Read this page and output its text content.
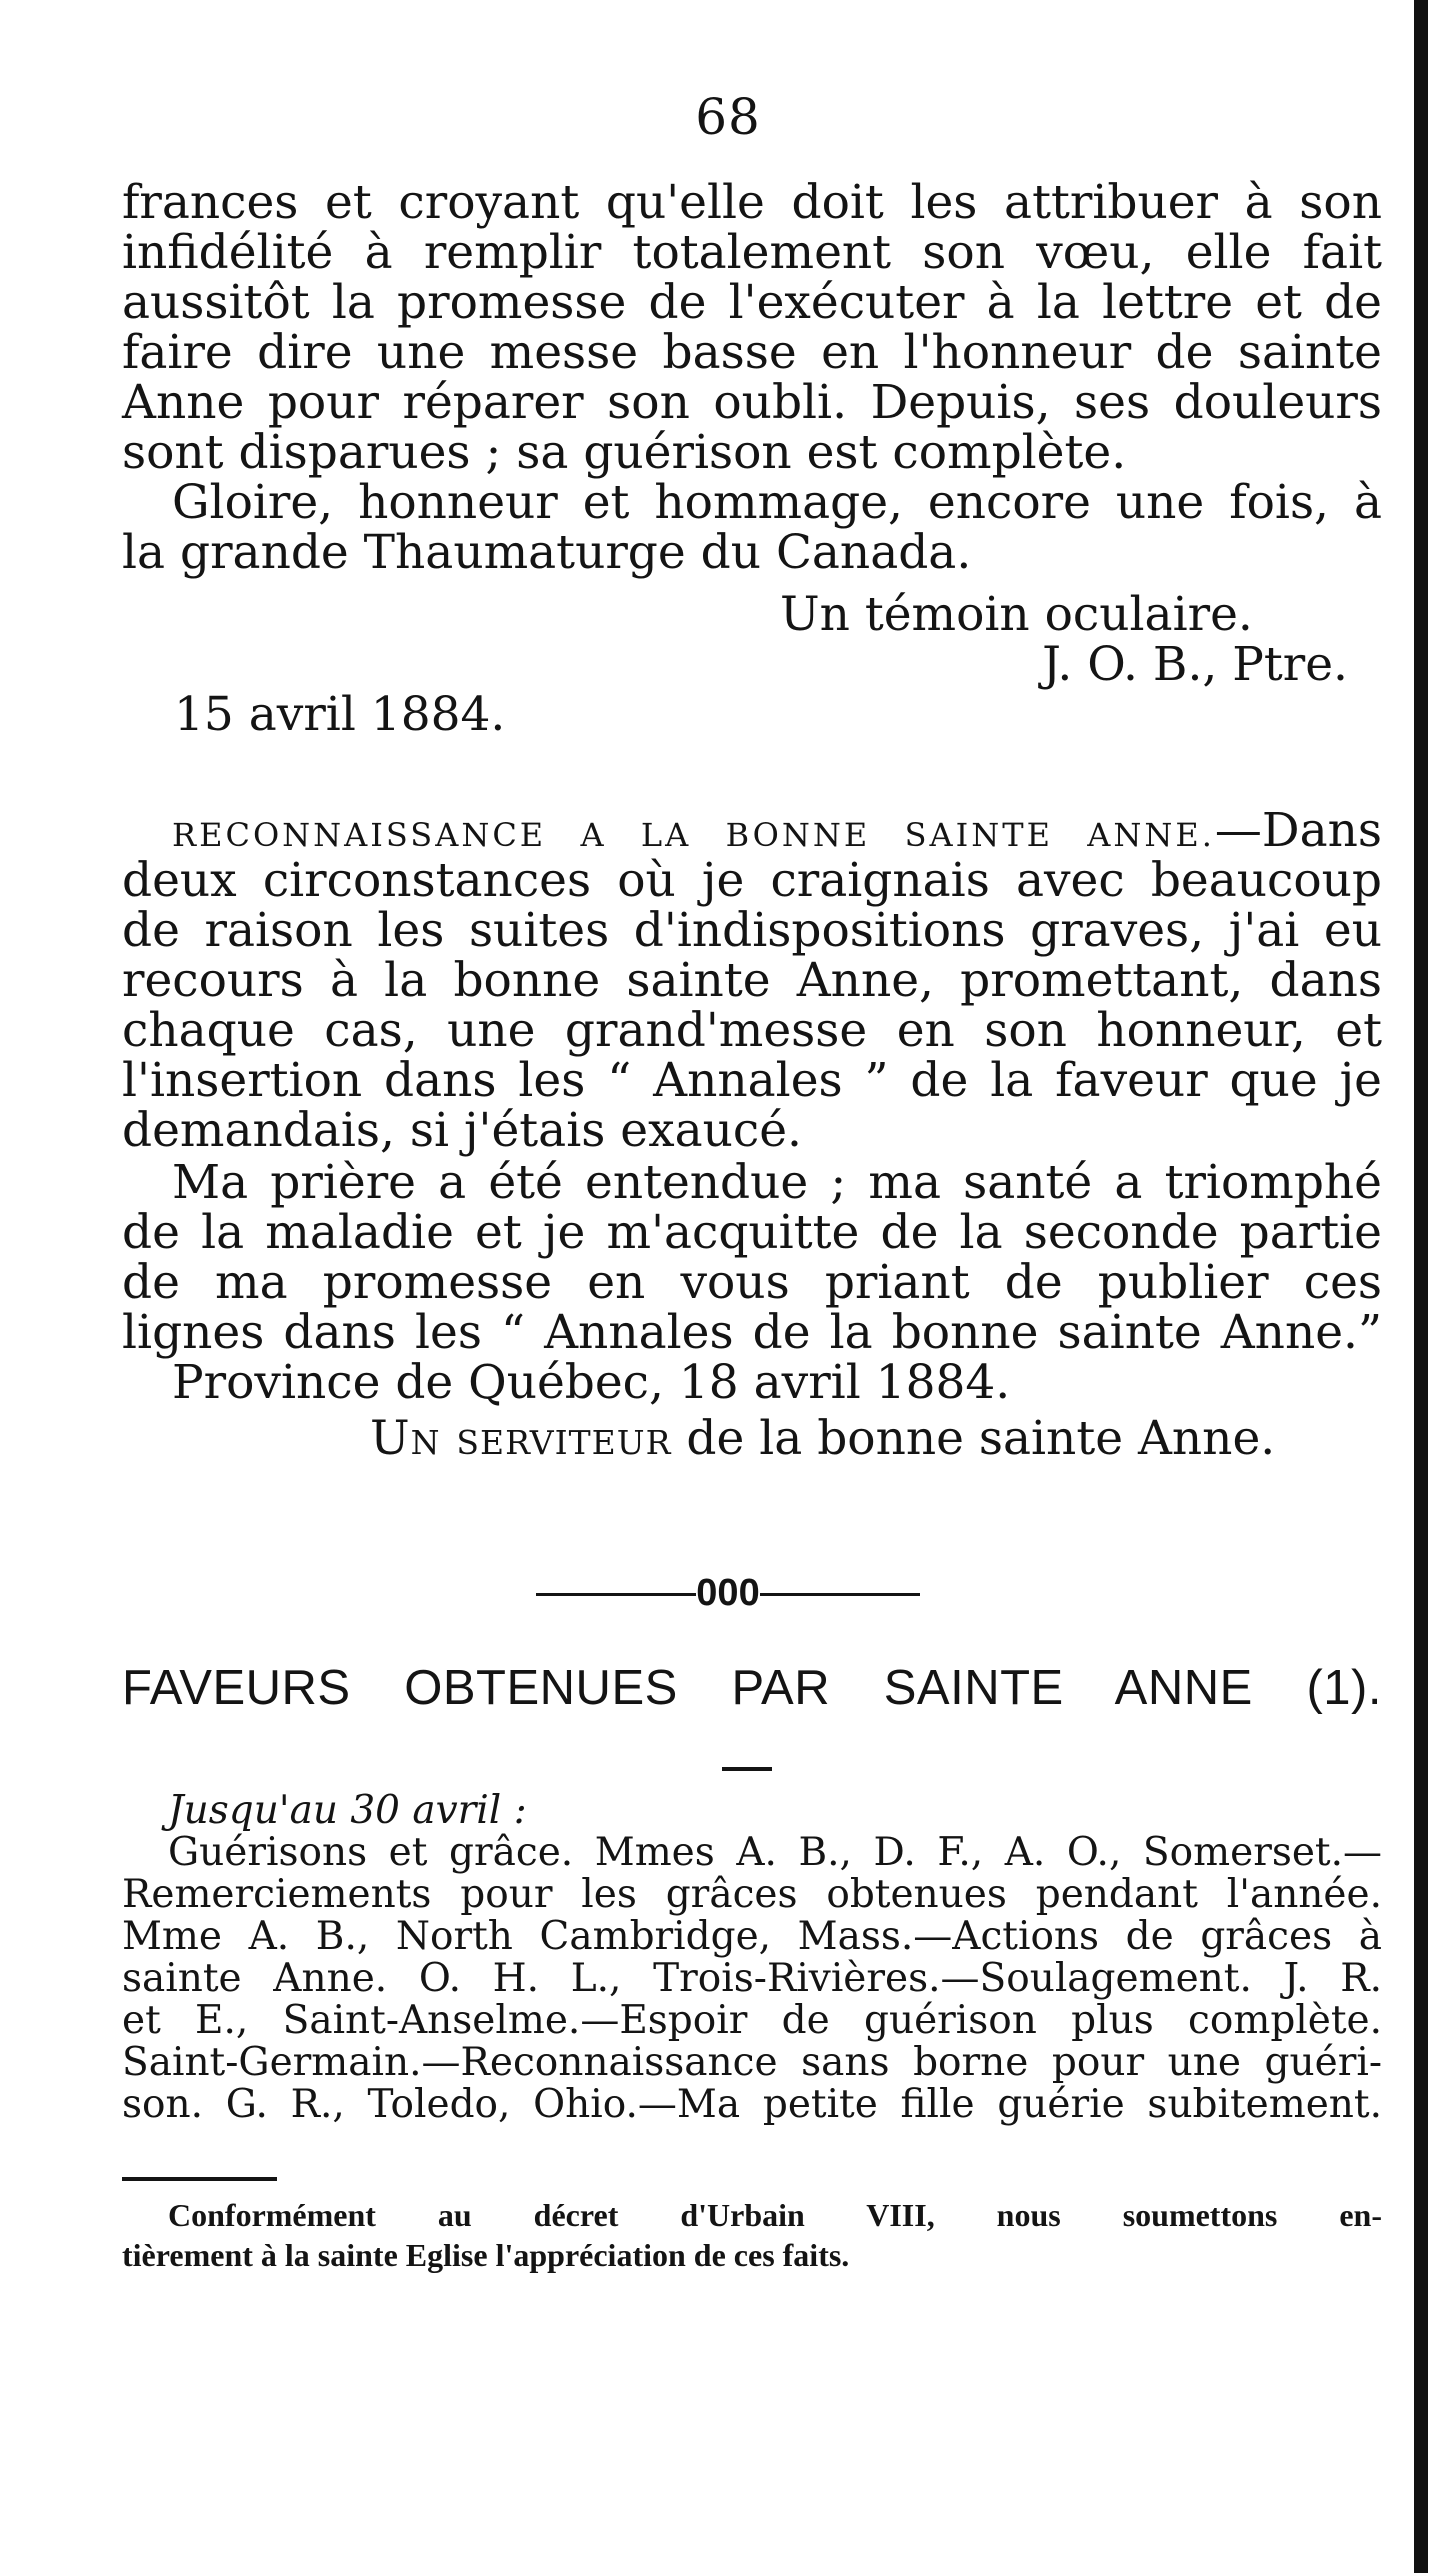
68
frances et croyant qu'elle doit les attribuer à son
infidélité à remplir totalement son vœu, elle fait
aussitôt la promesse de l'exécuter à la lettre et de
faire dire une messe basse en l'honneur de sainte
Anne pour réparer son oubli. Depuis, ses douleurs
sont disparues ; sa guérison est complète.
Gloire, honneur et hommage, encore une fois, à
la grande Thaumaturge du Canada.
Un témoin oculaire.
J. O. B., Ptre.
15 avril 1884.
RECONNAISSANCE A LA BONNE SAINTE ANNE.—Dans
deux circonstances où je craignais avec beaucoup
de raison les suites d'indispositions graves, j'ai eu
recours à la bonne sainte Anne, promettant, dans
chaque cas, une grand'messe en son honneur, et
l'insertion dans les “ Annales ” de la faveur que je
demandais, si j'étais exaucé.
Ma prière a été entendue ; ma santé a triomphé
de la maladie et je m'acquitte de la seconde partie
de ma promesse en vous priant de publier ces
lignes dans les “ Annales de la bonne sainte Anne.”
Province de Québec, 18 avril 1884.
Un serviteur de la bonne sainte Anne.
000
FAVEURS OBTENUES PAR SAINTE ANNE (1).
Jusqu'au 30 avril :
Guérisons et grâce. Mmes A. B., D. F., A. O., Somerset.—
Remerciements pour les grâces obtenues pendant l'année.
Mme A. B., North Cambridge, Mass.—Actions de grâces à
sainte Anne. O. H. L., Trois-Rivières.—Soulagement. J. R.
et E., Saint-Anselme.—Espoir de guérison plus complète.
Saint-Germain.—Reconnaissance sans borne pour une guéri-
son. G. R., Toledo, Ohio.—Ma petite fille guérie subitement.
Conformément au décret d'Urbain VIII, nous soumettons en-
tièrement à la sainte Eglise l'appréciation de ces faits.
